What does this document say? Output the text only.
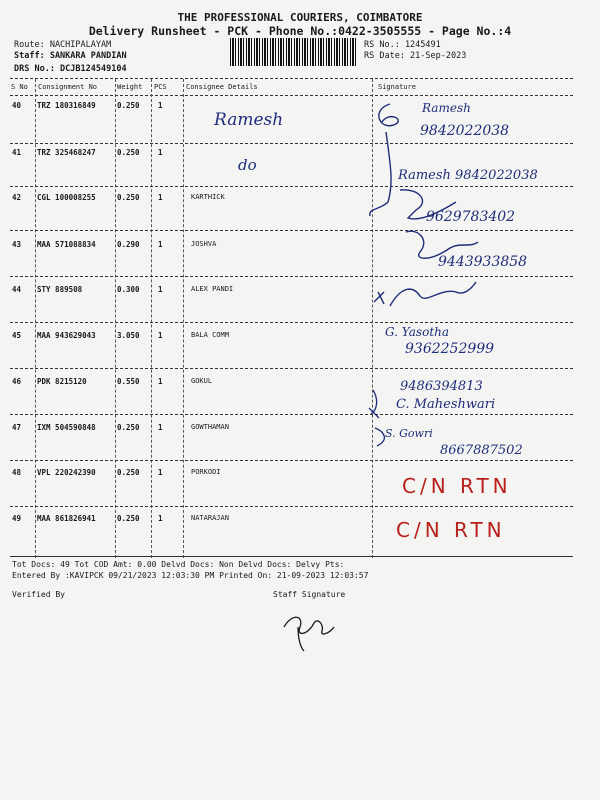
THE PROFESSIONAL COURIERS, COIMBATORE
Delivery Runsheet - PCK - Phone No.:0422-3505555 - Page No.:4
Route: NACHIPALAYAM
Staff: SANKARA PANDIAN
DRS No.: DCJB124549104
RS No.: 1245491
RS Date: 21-Sep-2023
S No Consignment No	Weight PCS	Consignee Details	Signature
40 TRZ 180316849	0.250 1
Ramesh
Ramesh
9842022038
41 TRZ 325468247	0.250 1
do
Ramesh 9842022038
42 CGL 100008255	0.250 1	KARTHICK
9629783402
43 MAA 571088834	0.290 1	JOSHVA
9443933858
44 STY 889508	0.300 1	ALEX PANDI
45 MAA 943629043	3.050 1	BALA COMM	G. Yasotha
9362252999
46 PDK 8215120	0.550 1	GOKUL	9486394813
C. Maheshwari
47 IXM 504590848	0.250 1	GOWTHAMAN	S. Gowri
8667887502
48 VPL 220242390	0.250 1	PORKODI
C/N RTN
49 MAA 861826941	0.250 1	NATARAJAN	C/N RTN
Tot Docs: 49 Tot COD Amt: 0.00 Delvd Docs: Non Delvd Docs: Delvy Pts:
Entered By :KAVIPCK 09/21/2023 12:03:30 PM Printed On: 21-09-2023 12:03:57
Verified By	Staff Signature
